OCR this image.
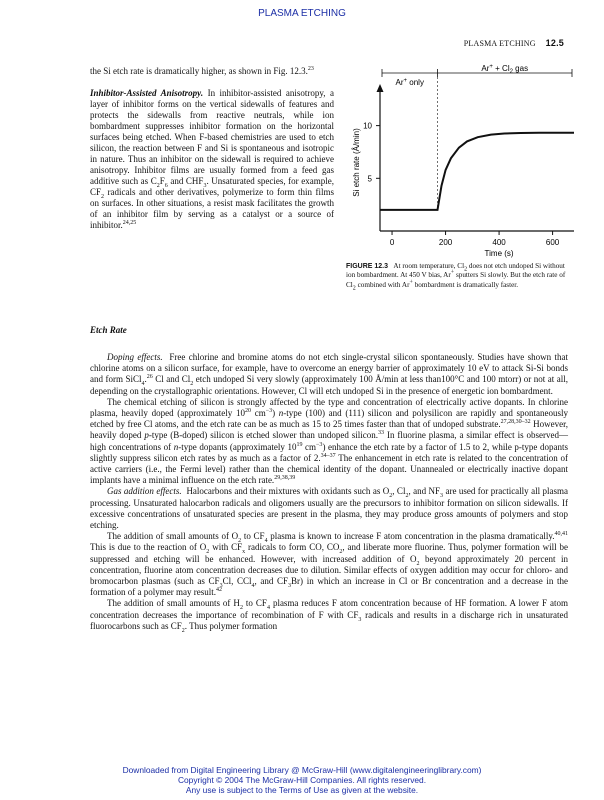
PLASMA ETCHING
PLASMA ETCHING 12.5

the Si etch rate is dramatically higher, as shown in Fig. 12.3.23

Inhibitor-Assisted Anisotropy. In inhibitor-assisted anisotropy, a layer of inhibitor forms on the vertical sidewalls of features and protects the sidewalls from reactive neutrals, while ion bombardment suppresses inhibitor formation on the horizontal surfaces being etched. When F-based chemistries are used to etch silicon, the reaction between F and Si is spontaneous and isotropic in nature. Thus an inhibitor on the sidewall is required to achieve anisotropy. Inhibitor films are usually formed from a feed gas additive such as $C_2F_6$ and $CHF_3$. Unsaturated species, for example, $CF_2$ radicals and other derivatives, polymerize to form thin films on surfaces. In other situations, a resist mask facilitates the growth of an inhibitor film by serving as a catalyst or a source of inhibitor.$^{24,25}$

0	200	400	600
5
10
Time (s)
Si etch rate (Å/min)
Ar+ only
$Ar^+ + Cl_2$ gas
FIGURE 12.3 At room temperature, $Cl_2$ does not etch undoped Si without ion bombardment. At 450 V bias, Ar+ sputters Si slowly. But the etch rate of $Cl_2$ combined with Ar+ bombardment is dramatically faster.
Etch Rate

Doping effects. Free chlorine and bromine atoms do not etch single-crystal silicon spontaneously. Studies have shown that chlorine atoms on a silicon surface, for example, have to overcome an energy barrier of approximately 10 eV to attack Si-Si bonds and form SiCl$_4$.$^{26}$ Cl and $Cl_2$ etch undoped Si very slowly (approximately 100 Å/min at less than100°C and 100 mtorr) or not at all, depending on the crystallographic orientations. However, Cl will etch undoped Si in the presence of energetic ion bombardment.

The chemical etching of silicon is strongly affected by the type and concentration of electrically active dopants. In chlorine plasma, heavily doped (approximately $10^{20}$ $cm^{-3}$) n-type (100) and (111) silicon and polysilicon are rapidly and spontaneously etched by free Cl atoms, and the etch rate can be as much as 15 to 25 times faster than that of undoped substrate.$^{27,28,30-32}$ However, heavily doped p-type (B-doped) silicon is etched slower than undoped silicon.$^{33}$ In fluorine plasma, a similar effect is observed—high concentrations of n-type dopants (approximately $10^{19}$ $cm^{-3}$) enhance the etch rate by a factor of 1.5 to 2, while p-type dopants slightly suppress silicon etch rates by as much as a factor of 2.$^{34-37}$ The enhancement in etch rate is related to the concentration of active carriers (i.e., the Fermi level) rather than the chemical identity of the dopant. Unannealed or electrically inactive dopant implants have a minimal influence on the etch rate.$^{29,38,39}$

Gas addition effects. Halocarbons and their mixtures with oxidants such as $O_2$, $Cl_2$, and $NF_3$ are used for practically all plasma processing. Unsaturated halocarbon radicals and oligomers usually are the precursors to inhibitor formation on silicon sidewalls. If excessive concentrations of unsaturated species are present in the plasma, they may produce gross amounts of polymers and stop etching.

The addition of small amounts of $O_2$ to $CF_4$ plasma is known to increase F atom concentration in the plasma dramatically.$^{40,41}$ This is due to the reaction of $O_2$ with $CF_x$ radicals to form CO, $CO_2$, and liberate more fluorine. Thus, polymer formation will be suppressed and etching will be enhanced. However, with increased addition of $O_2$ beyond approximately 20 percent in concentration, fluorine atom concentration decreases due to dilution. Similar effects of oxygen addition may occur for chloro- and bromocarbon plasmas (such as $CF_3Cl$, CCl$_4$, and $CF_3Br$) in which an increase in Cl or Br concentration and a decrease in the formation of a polymer may result.$^{42}$

The addition of small amounts of $H_2$ to $CF_4$ plasma reduces F atom concentration because of HF formation. A lower F atom concentration decreases the importance of recombination of F with $CF_3$ radicals and results in a discharge rich in unsaturated fluorocarbons such as $CF_2$. Thus polymer formation

Downloaded from Digital Engineering Library @ McGraw-Hill (www.digitalengineeringlibrary.com)
Copyright © 2004 The McGraw-Hill Companies. All rights reserved.
Any use is subject to the Terms of Use as given at the website.
